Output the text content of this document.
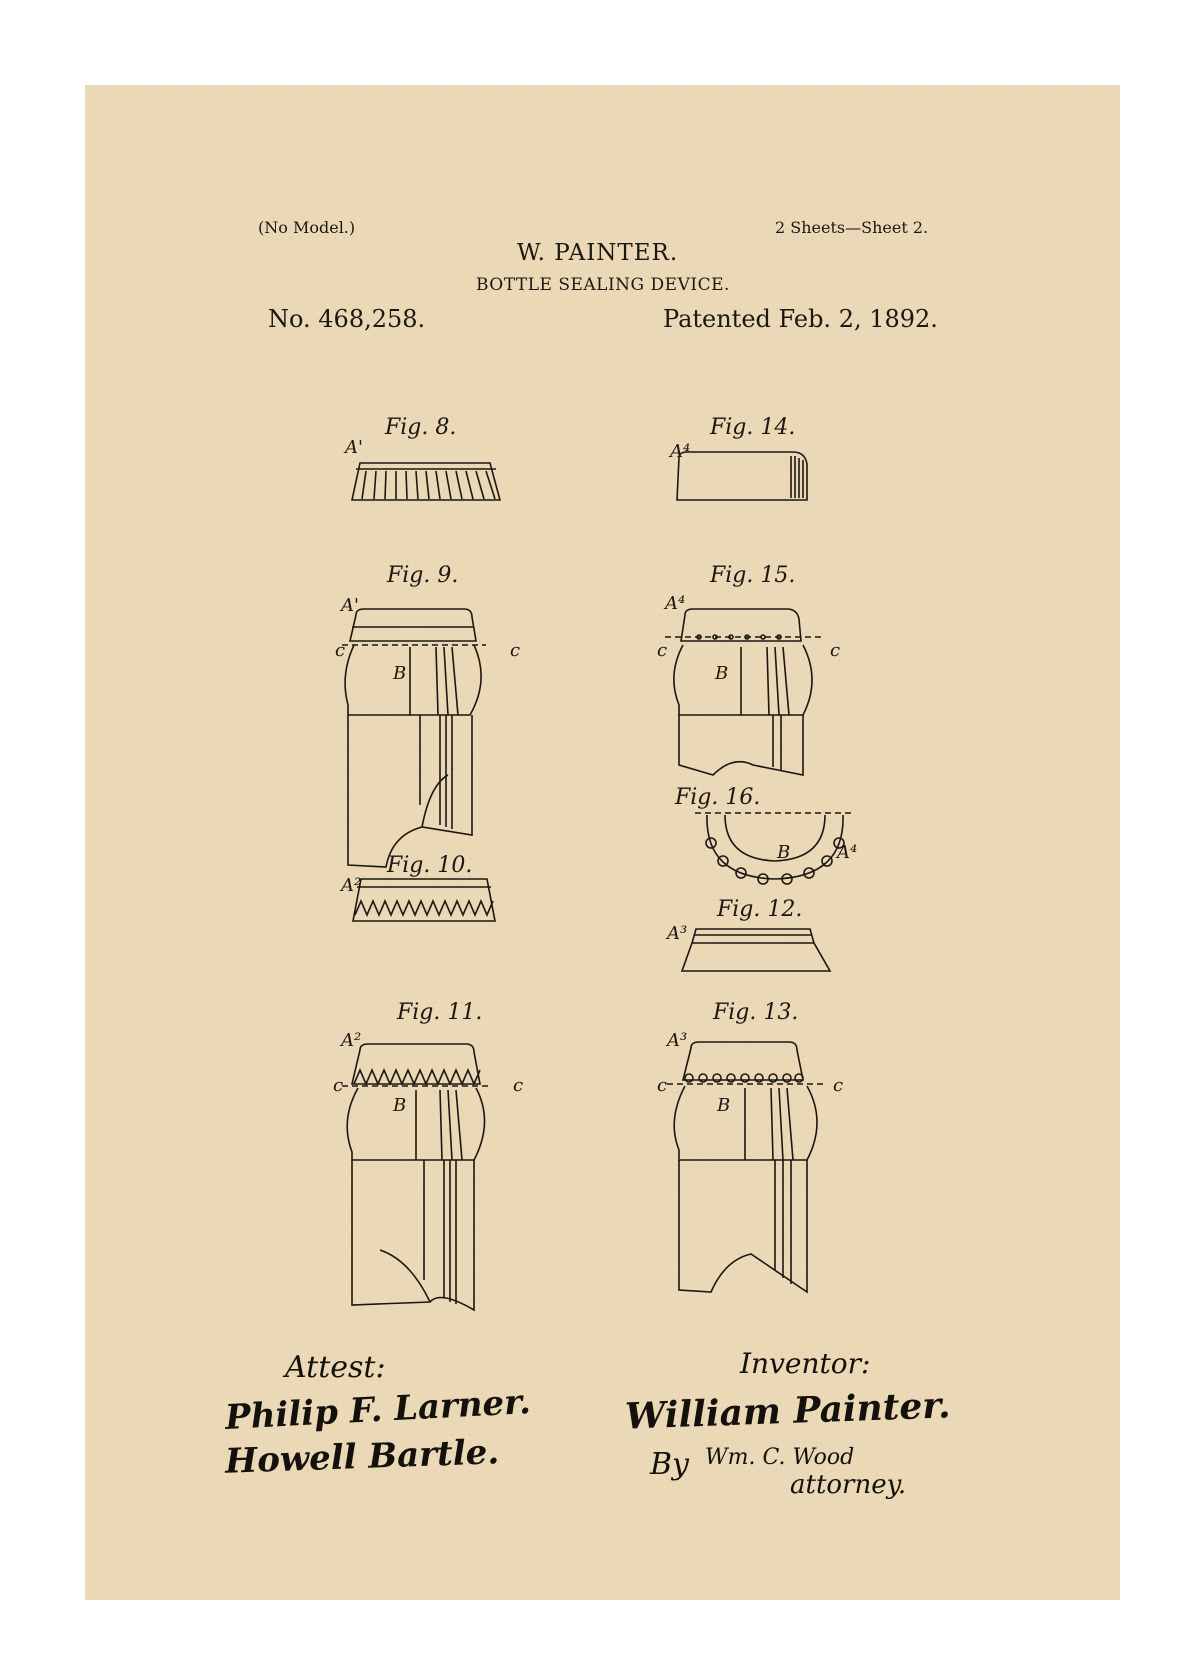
(No Model.)	2 Sheets—Sheet 2.
W. PAINTER.
BOTTLE SEALING DEVICE.
No. 468,258.	Patented Feb. 2, 1892.
Fig. 8.
A'
Fig. 14.
A⁴
Fig. 9.
A'
c	c
B
Fig. 15.
A⁴
c	c
B
Fig. 16.
B	A⁴
Fig. 10.
A²
Fig. 12.
A³
Fig. 11.
A²
c	c
B
Fig. 13.
A³
c	c
B
Attest:
Philip F. Larner.
Howell Bartle.
Inventor:
William Painter.
By Wm. C. Wood
attorney.
